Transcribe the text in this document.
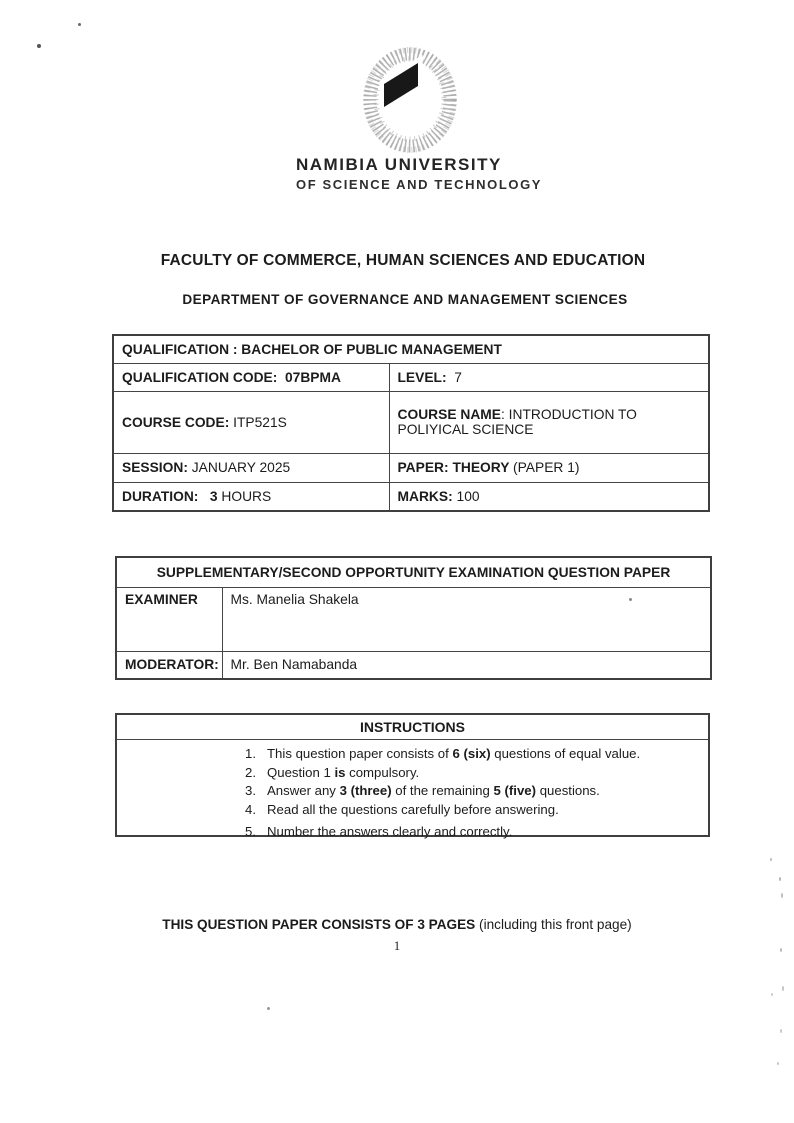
NAMIBIA UNIVERSITY
OF SCIENCE AND TECHNOLOGY
FACULTY OF COMMERCE, HUMAN SCIENCES AND EDUCATION
DEPARTMENT OF GOVERNANCE AND MANAGEMENT SCIENCES
QUALIFICATION : BACHELOR OF PUBLIC MANAGEMENT	
QUALIFICATION CODE:  07BPMA	LEVEL:  7
COURSE CODE: ITP521S	COURSE NAME: INTRODUCTION TO POLIYICAL SCIENCE
SESSION: JANUARY 2025	PAPER: THEORY (PAPER 1)
DURATION:   3 HOURS	MARKS: 100
SUPPLEMENTARY/SECOND OPPORTUNITY EXAMINATION QUESTION PAPER	
EXAMINER	Ms. Manelia Shakela
MODERATOR:	Mr. Ben Namabanda
INSTRUCTIONS
1. This question paper consists of 6 (six) questions of equal value.
2. Question 1 is compulsory.
3. Answer any 3 (three) of the remaining 5 (five) questions.
4. Read all the questions carefully before answering.
5. Number the answers clearly and correctly.
THIS QUESTION PAPER CONSISTS OF 3 PAGES (including this front page)
1
